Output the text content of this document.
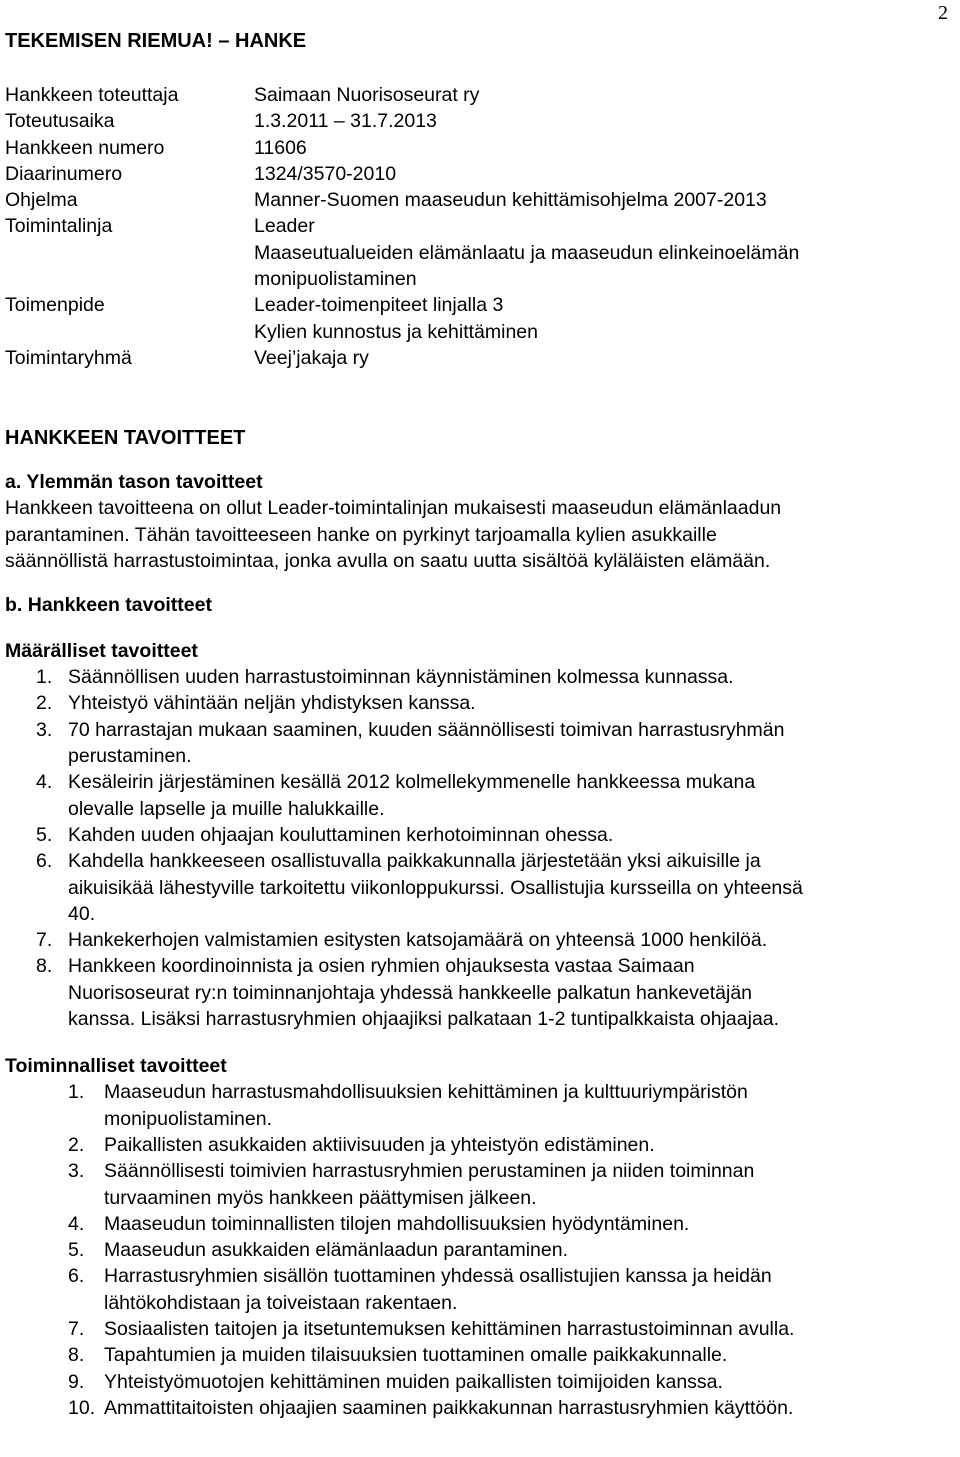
2
TEKEMISEN RIEMUA! – HANKE
Hankkeen toteuttaja	Saimaan Nuorisoseurat ry
Toteutusaika	1.3.2011 – 31.7.2013
Hankkeen numero	11606
Diaarinumero	1324/3570-2010
Ohjelma	Manner-Suomen maaseudun kehittämisohjelma 2007-2013
Toimintalinja	Leader
Maaseutualueiden elämänlaatu ja maaseudun elinkeinoelämän
monipuolistaminen
Toimenpide	Leader-toimenpiteet linjalla 3
Kylien kunnostus ja kehittäminen
Toimintaryhmä	Veej’jakaja ry
HANKKEEN TAVOITTEET
a. Ylemmän tason tavoitteet
Hankkeen tavoitteena on ollut Leader-toimintalinjan mukaisesti maaseudun elämänlaadun
parantaminen. Tähän tavoitteeseen hanke on pyrkinyt tarjoamalla kylien asukkaille
säännöllistä harrastustoimintaa, jonka avulla on saatu uutta sisältöä kyläläisten elämään.
b. Hankkeen tavoitteet
Määrälliset tavoitteet
1. Säännöllisen uuden harrastustoiminnan käynnistäminen kolmessa kunnassa.
2. Yhteistyö vähintään neljän yhdistyksen kanssa.
3. 70 harrastajan mukaan saaminen, kuuden säännöllisesti toimivan harrastusryhmän
perustaminen.
4. Kesäleirin järjestäminen kesällä 2012 kolmellekymmenelle hankkeessa mukana
olevalle lapselle ja muille halukkaille.
5. Kahden uuden ohjaajan kouluttaminen kerhotoiminnan ohessa.
6. Kahdella hankkeeseen osallistuvalla paikkakunnalla järjestetään yksi aikuisille ja
aikuisikää lähestyville tarkoitettu viikonloppukurssi. Osallistujia kursseilla on yhteensä
40.
7. Hankekerhojen valmistamien esitysten katsojamäärä on yhteensä 1000 henkilöä.
8. Hankkeen koordinoinnista ja osien ryhmien ohjauksesta vastaa Saimaan
Nuorisoseurat ry:n toiminnanjohtaja yhdessä hankkeelle palkatun hankevetäjän
kanssa. Lisäksi harrastusryhmien ohjaajiksi palkataan 1-2 tuntipalkkaista ohjaajaa.
Toiminnalliset tavoitteet
1.	Maaseudun harrastusmahdollisuuksien kehittäminen ja kulttuuriympäristön
monipuolistaminen.
2.	Paikallisten asukkaiden aktiivisuuden ja yhteistyön edistäminen.
3.	Säännöllisesti toimivien harrastusryhmien perustaminen ja niiden toiminnan
turvaaminen myös hankkeen päättymisen jälkeen.
4.	Maaseudun toiminnallisten tilojen mahdollisuuksien hyödyntäminen.
5.	Maaseudun asukkaiden elämänlaadun parantaminen.
6.	Harrastusryhmien sisällön tuottaminen yhdessä osallistujien kanssa ja heidän
lähtökohdistaan ja toiveistaan rakentaen.
7.	Sosiaalisten taitojen ja itsetuntemuksen kehittäminen harrastustoiminnan avulla.
8.	Tapahtumien ja muiden tilaisuuksien tuottaminen omalle paikkakunnalle.
9.	Yhteistyömuotojen kehittäminen muiden paikallisten toimijoiden kanssa.
10. Ammattitaitoisten ohjaajien saaminen paikkakunnan harrastusryhmien käyttöön.
